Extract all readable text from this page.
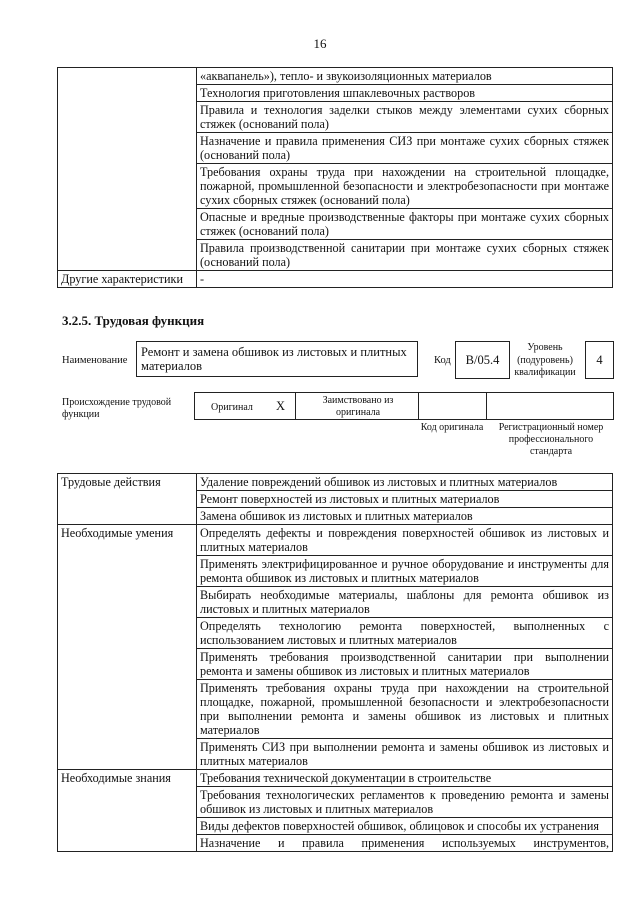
16
	«аквапанель»), тепло- и звукоизоляционных материалов
	Технология приготовления шпаклевочных растворов
	Правила и технология заделки стыков между элементами сухих сборных стяжек (оснований пола)
	Назначение и правила применения СИЗ при монтаже сухих сборных стяжек (оснований пола)
	Требования охраны труда при нахождении на строительной площадке, пожарной, промышленной безопасности и электробезопасности при монтаже сухих сборных стяжек (оснований пола)
	Опасные и вредные производственные факторы при монтаже сухих сборных стяжек (оснований пола)
	Правила производственной санитарии при монтаже сухих сборных стяжек (оснований пола)
Другие характеристики	-
3.2.5. Трудовая функция
Наименование
Ремонт и замена обшивок из листовых и плитных материалов	Код	В/05.4
Уровень (подуровень) квалификации
4
Происхождение трудовой функции
Оригинал X	Заимствовано из оригинала
Код оригинала	Регистрационный номер профессионального стандарта
Трудовые действия	Удаление повреждений обшивок из листовых и плитных материалов
	Ремонт поверхностей из листовых и плитных материалов
	Замена обшивок из листовых и плитных материалов
Необходимые умения	Определять дефекты и повреждения поверхностей обшивок из листовых и плитных материалов
	Применять электрифицированное и ручное оборудование и инструменты для ремонта обшивок из листовых и плитных материалов
	Выбирать необходимые материалы, шаблоны для ремонта обшивок из листовых и плитных материалов
	Определять технологию ремонта поверхностей, выполненных с использованием листовых и плитных материалов
	Применять требования производственной санитарии при выполнении ремонта и замены обшивок из листовых и плитных материалов
	Применять требования охраны труда при нахождении на строительной площадке, пожарной, промышленной безопасности и электробезопасности при выполнении ремонта и замены обшивок из листовых и плитных материалов
	Применять СИЗ при выполнении ремонта и замены обшивок из листовых и плитных материалов
Необходимые знания	Требования технической документации в строительстве
	Требования технологических регламентов к проведению ремонта и замены обшивок из листовых и плитных материалов
	Виды дефектов поверхностей обшивок, облицовок и способы их устранения
	Назначение и правила применения используемых инструментов,
